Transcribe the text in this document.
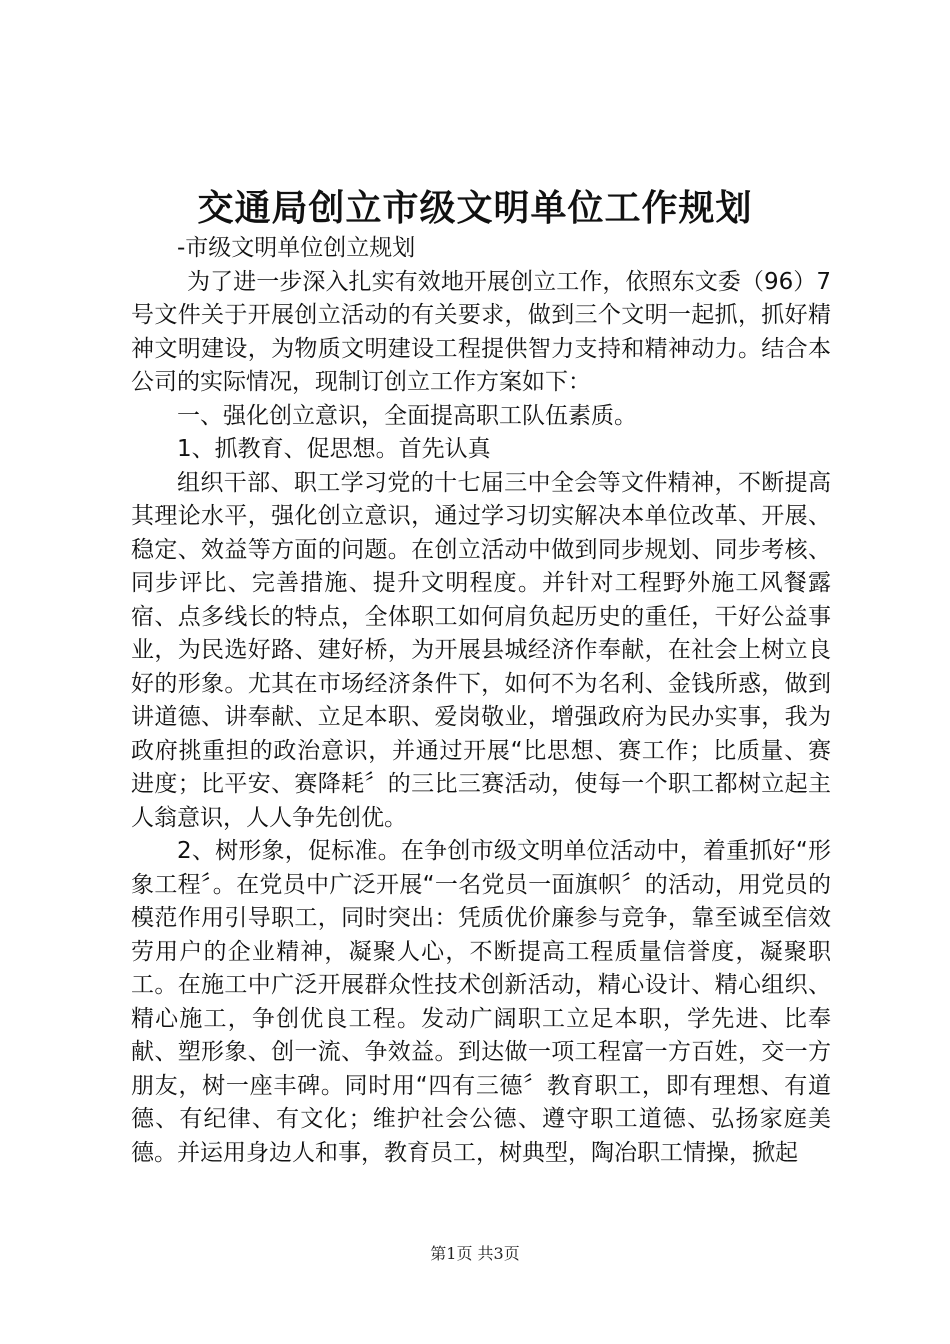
交通局创立市级文明单位工作规划

-市级文明单位创立规划

为了进一步深入扎实有效地开展创立工作，依照东文委（96）7号文件关于开展创立活动的有关要求，做到三个文明一起抓，抓好精神文明建设，为物质文明建设工程提供智力支持和精神动力。结合本公司的实际情况，现制订创立工作方案如下：

一、强化创立意识，全面提高职工队伍素质。

1、抓教育、促思想。首先认真

组织干部、职工学习党的十七届三中全会等文件精神，不断提高其理论水平，强化创立意识，通过学习切实解决本单位改革、开展、稳定、效益等方面的问题。在创立活动中做到同步规划、同步考核、同步评比、完善措施、提升文明程度。并针对工程野外施工风餐露宿、点多线长的特点，全体职工如何肩负起历史的重任，干好公益事业，为民选好路、建好桥，为开展县城经济作奉献，在社会上树立良好的形象。尤其在市场经济条件下，如何不为名利、金钱所惑，做到讲道德、讲奉献、立足本职、爱岗敬业，增强政府为民办实事，我为政府挑重担的政治意识，并通过开展“比思想、赛工作；比质量、赛进度；比平安、赛降耗〞的三比三赛活动，使每一个职工都树立起主人翁意识，人人争先创优。

2、树形象，促标准。在争创市级文明单位活动中，着重抓好“形象工程〞。在党员中广泛开展“一名党员一面旗帜〞的活动，用党员的模范作用引导职工，同时突出：凭质优价廉参与竞争，靠至诚至信效劳用户的企业精神，凝聚人心，不断提高工程质量信誉度，凝聚职工。在施工中广泛开展群众性技术创新活动，精心设计、精心组织、精心施工，争创优良工程。发动广阔职工立足本职，学先进、比奉献、塑形象、创一流、争效益。到达做一项工程富一方百姓，交一方朋友，树一座丰碑。同时用“四有三德〞教育职工，即有理想、有道德、有纪律、有文化；维护社会公德、遵守职工道德、弘扬家庭美德。并运用身边人和事，教育员工，树典型，陶冶职工情操，掀起

第1页 共3页
